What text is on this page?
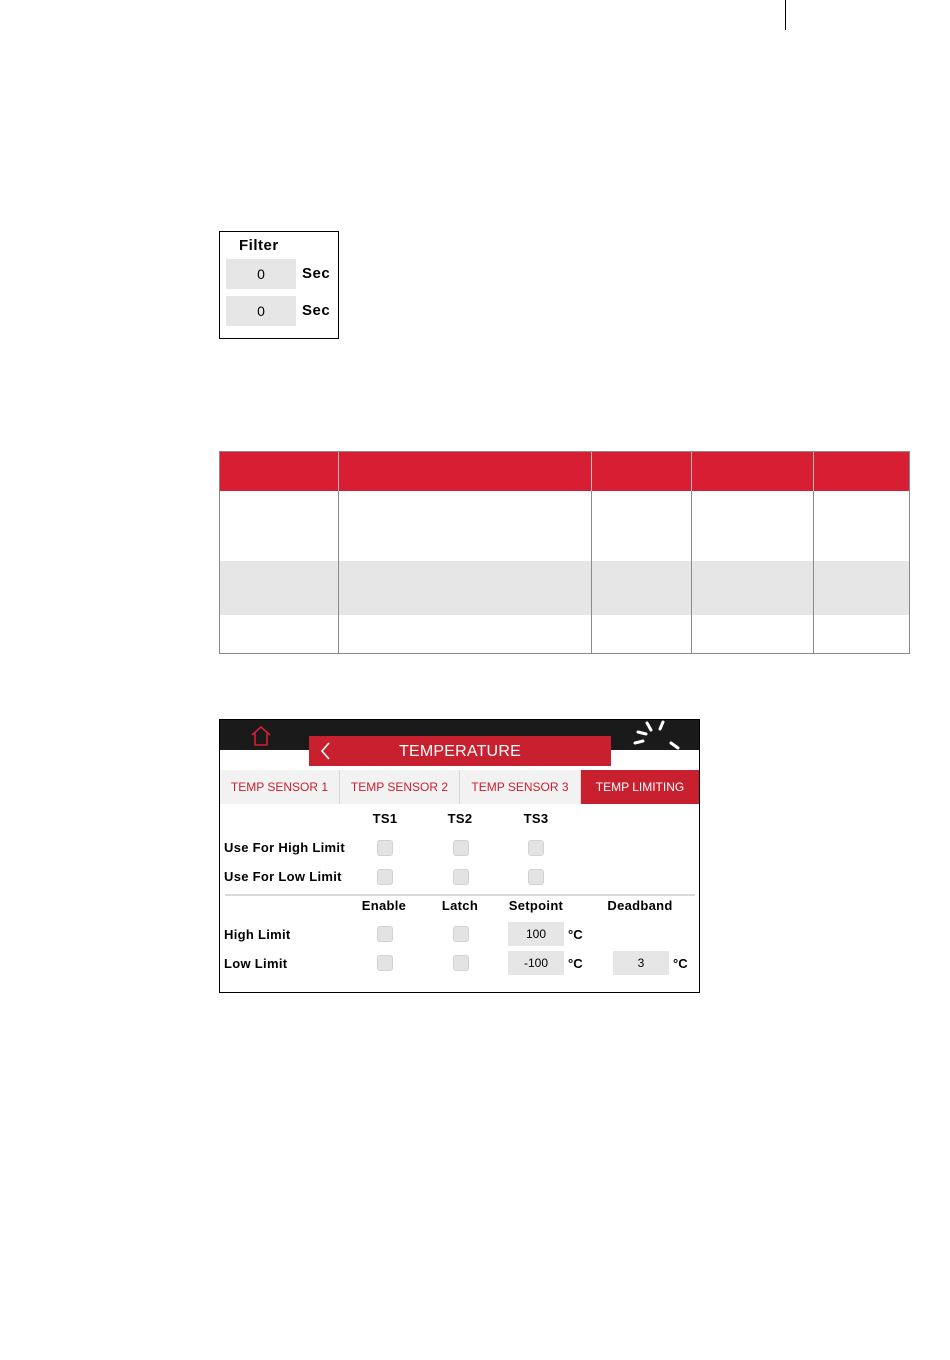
Filter
0	Sec
0	Sec
TEMPERATURE
TEMP SENSOR 1	TEMP SENSOR 2	TEMP SENSOR 3	TEMP LIMITING
TS1	TS2	TS3
Use For High Limit
Use For Low Limit
Enable	Latch	Setpoint	Deadband
High Limit	100	°C
Low Limit	-100	°C	3	°C
